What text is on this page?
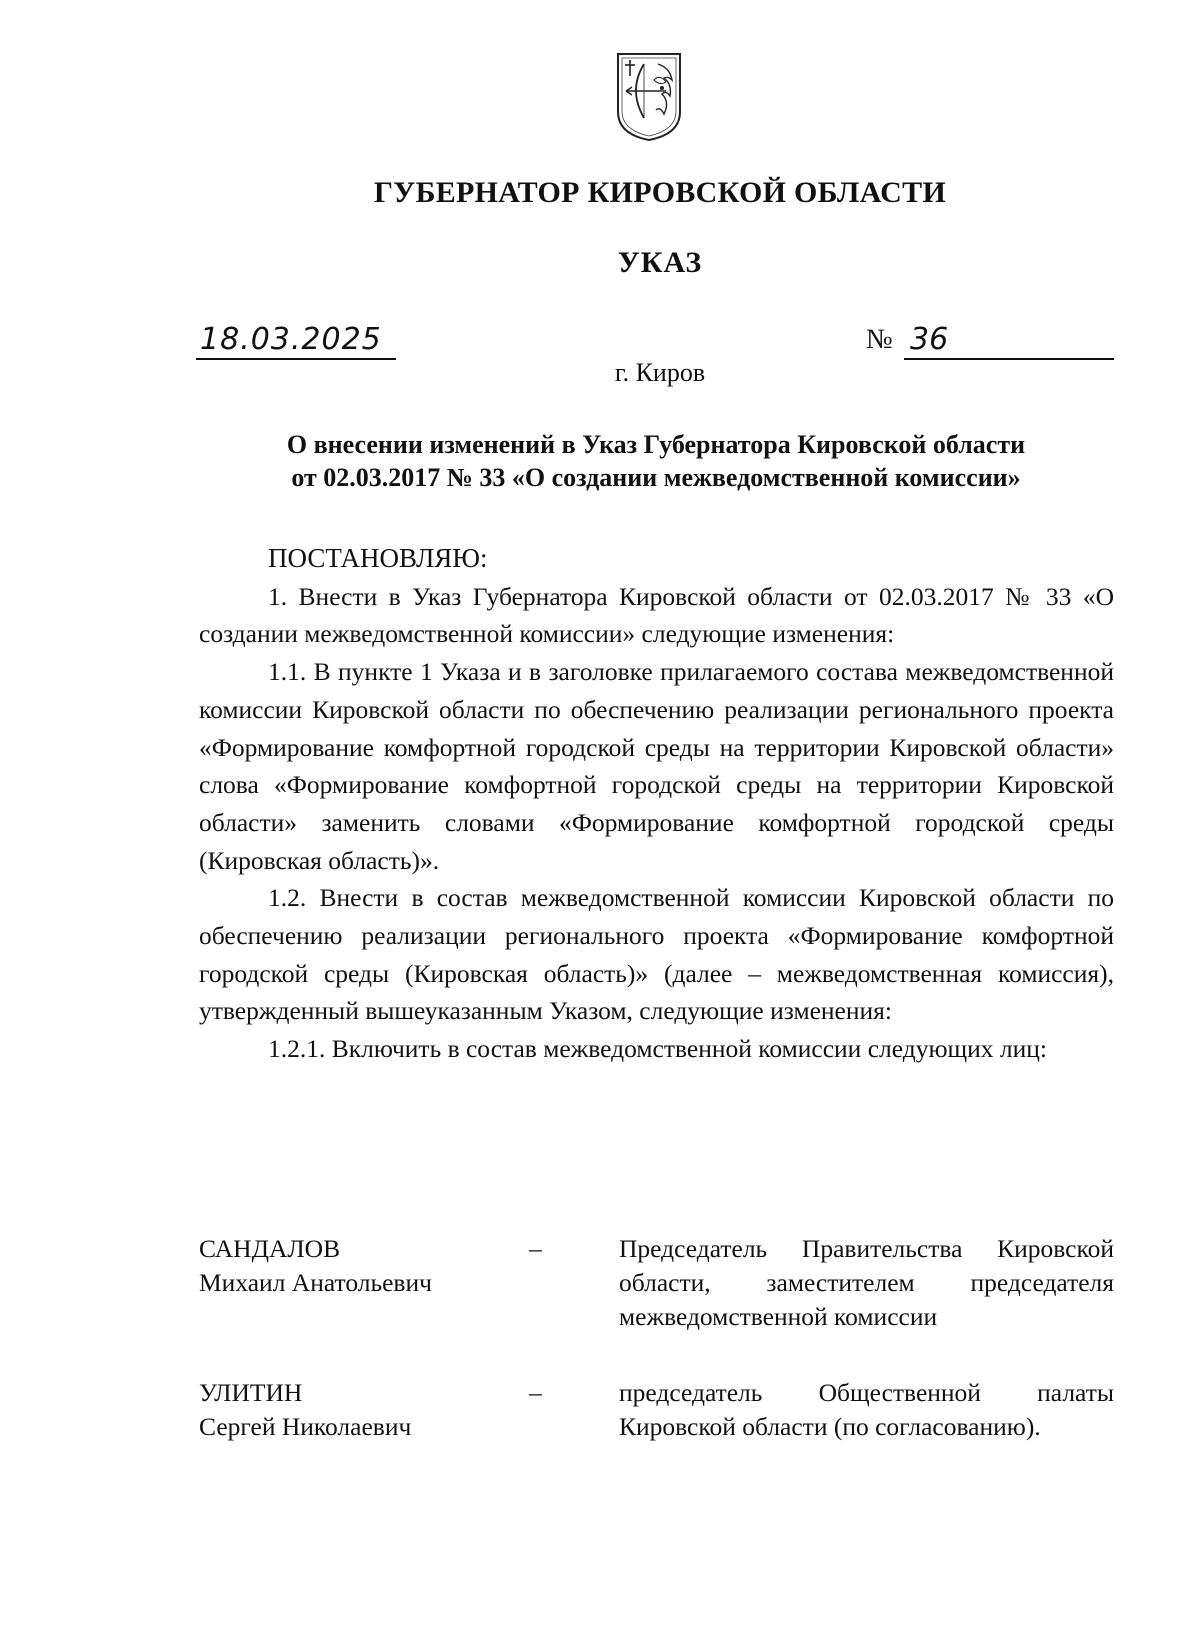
ГУБЕРНАТОР КИРОВСКОЙ ОБЛАСТИ
УКАЗ
18.03.2025	№ 36
г. Киров
О внесении изменений в Указ Губернатора Кировской области
от 02.03.2017 № 33 «О создании межведомственной комиссии»

ПОСТАНОВЛЯЮ:

1. Внести в Указ Губернатора Кировской области от 02.03.2017 № 33 «О создании межведомственной комиссии» следующие изменения:

1.1. В пункте 1 Указа и в заголовке прилагаемого состава межведомственной комиссии Кировской области по обеспечению реализации регионального проекта «Формирование комфортной городской среды на территории Кировской области» слова «Формирование комфортной городской среды на территории Кировской области» заменить словами «Формирование комфортной городской среды (Кировская область)».

1.2. Внести в состав межведомственной комиссии Кировской области по обеспечению реализации регионального проекта «Формирование комфортной городской среды (Кировская область)» (далее – межведомственная комиссия), утвержденный вышеуказанным Указом, следующие изменения:

1.2.1. Включить в состав межведомственной комиссии следующих лиц:

САНДАЛОВ
Михаил Анатольевич
–	Председатель Правительства Кировской области, заместителем председателя межведомственной комиссии
УЛИТИН
Сергей Николаевич
–	председатель Общественной палаты Кировской области (по согласованию).
